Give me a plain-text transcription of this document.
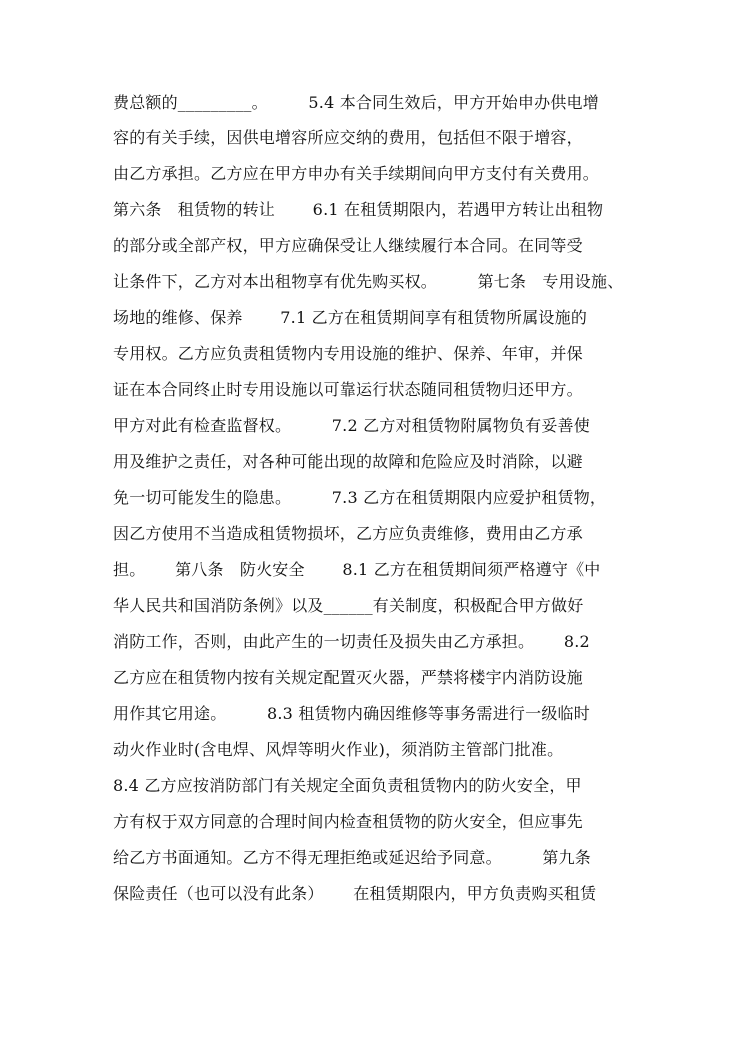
费总额的_________。　　　5.4 本合同生效后，甲方开始申办供电增
容的有关手续，因供电增容所应交纳的费用，包括但不限于增容，
由乙方承担。乙方应在甲方申办有关手续期间向甲方支付有关费用。
第六条　租赁物的转让　　 6.1 在租赁期限内，若遇甲方转让出租物
的部分或全部产权，甲方应确保受让人继续履行本合同。在同等受
让条件下，乙方对本出租物享有优先购买权。　　　第七条　专用设施、
场地的维修、保养　　 7.1 乙方在租赁期间享有租赁物所属设施的
专用权。乙方应负责租赁物内专用设施的维护、保养、年审，并保
证在本合同终止时专用设施以可靠运行状态随同租赁物归还甲方。
甲方对此有检查监督权。　　　7.2 乙方对租赁物附属物负有妥善使
用及维护之责任，对各种可能出现的故障和危险应及时消除，以避
免一切可能发生的隐患。　　　7.3 乙方在租赁期限内应爱护租赁物，
因乙方使用不当造成租赁物损坏，乙方应负责维修，费用由乙方承
担。　　 第八条　防火安全　　 8.1 乙方在租赁期间须严格遵守《中
华人民共和国消防条例》以及______有关制度，积极配合甲方做好
消防工作，否则，由此产生的一切责任及损失由乙方承担。　　 8.2
乙方应在租赁物内按有关规定配置灭火器，严禁将楼宇内消防设施
用作其它用途。　　　8.3 租赁物内确因维修等事务需进行一级临时
动火作业时(含电焊、风焊等明火作业)，须消防主管部门批准。
8.4 乙方应按消防部门有关规定全面负责租赁物内的防火安全，甲
方有权于双方同意的合理时间内检查租赁物的防火安全，但应事先
给乙方书面通知。乙方不得无理拒绝或延迟给予同意。　　　第九条
保险责任（也可以没有此条）　　 在租赁期限内，甲方负责购买租赁
